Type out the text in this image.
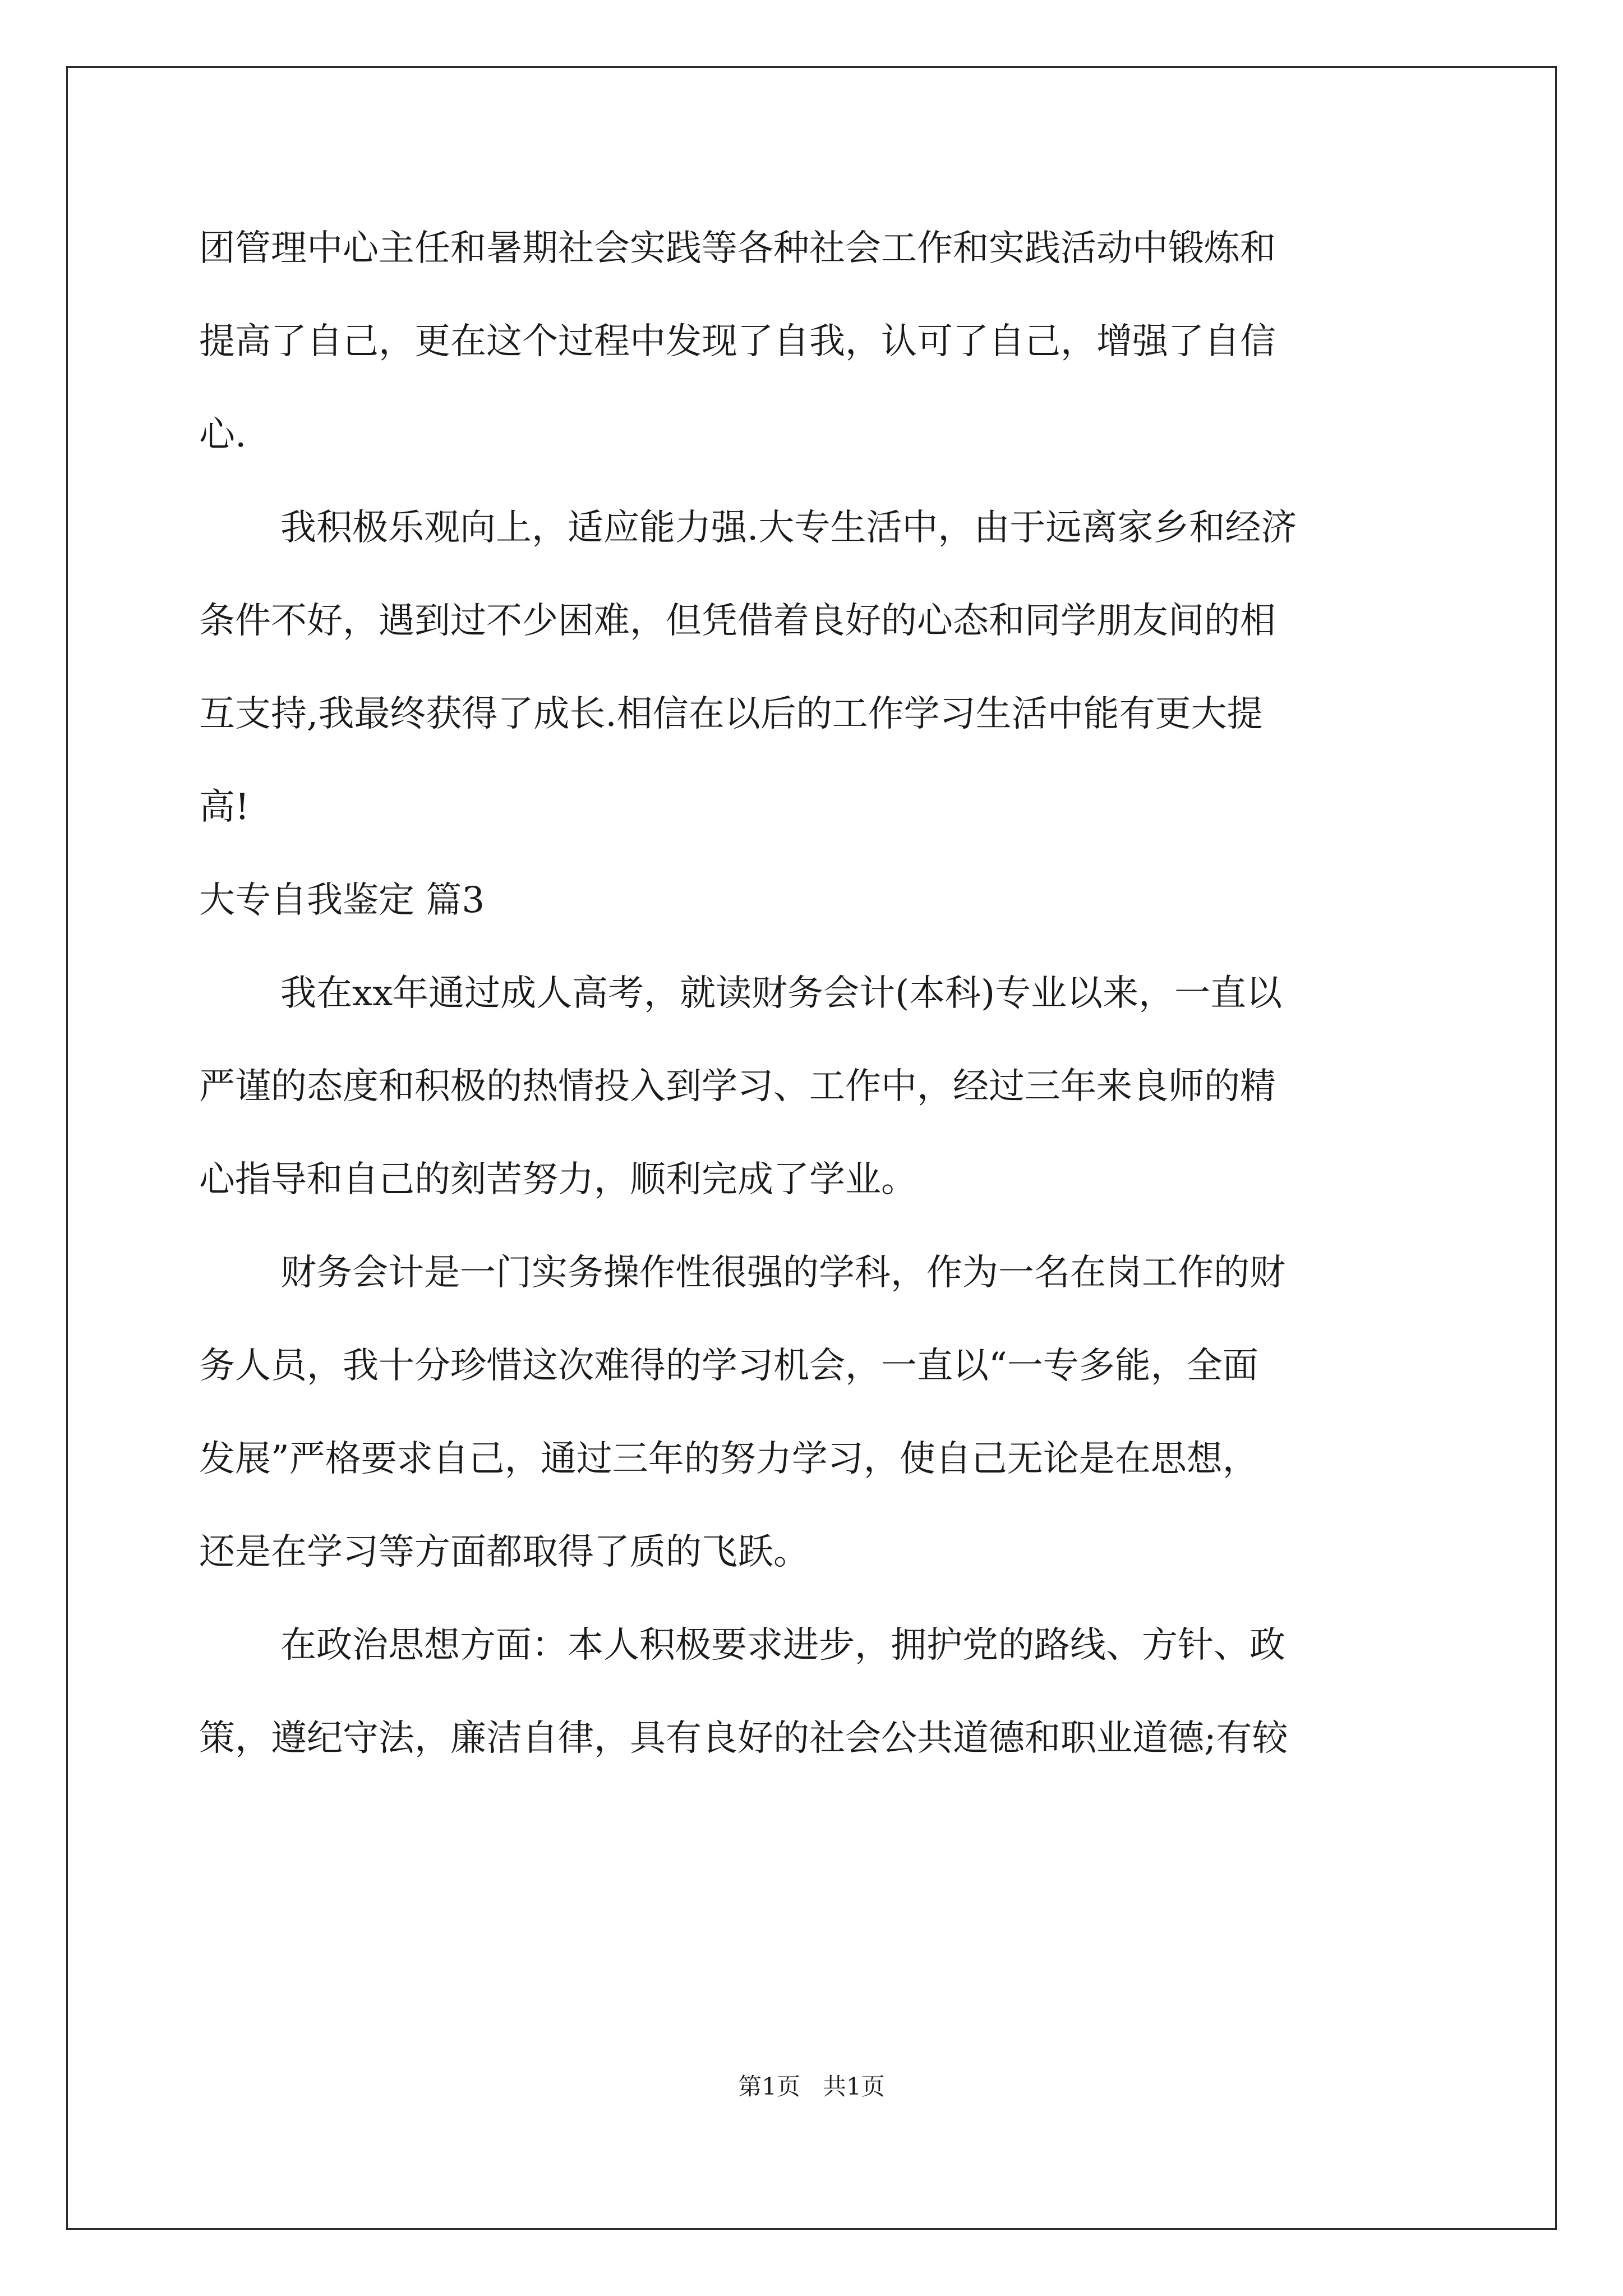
团管理中心主任和暑期社会实践等各种社会工作和实践活动中锻炼和
提高了自己，更在这个过程中发现了自我，认可了自己，增强了自信
心.
我积极乐观向上，适应能力强.大专生活中，由于远离家乡和经济
条件不好，遇到过不少困难，但凭借着良好的心态和同学朋友间的相
互支持,我最终获得了成长.相信在以后的工作学习生活中能有更大提
高!
大专自我鉴定 篇3
我在xx年通过成人高考，就读财务会计(本科)专业以来，一直以
严谨的态度和积极的热情投入到学习、工作中，经过三年来良师的精
心指导和自己的刻苦努力，顺利完成了学业。
财务会计是一门实务操作性很强的学科，作为一名在岗工作的财
务人员，我十分珍惜这次难得的学习机会，一直以“一专多能，全面
发展”严格要求自己，通过三年的努力学习，使自己无论是在思想，
还是在学习等方面都取得了质的飞跃。
在政治思想方面：本人积极要求进步，拥护党的路线、方针、政
策，遵纪守法，廉洁自律，具有良好的社会公共道德和职业道德;有较
第1页 共1页
